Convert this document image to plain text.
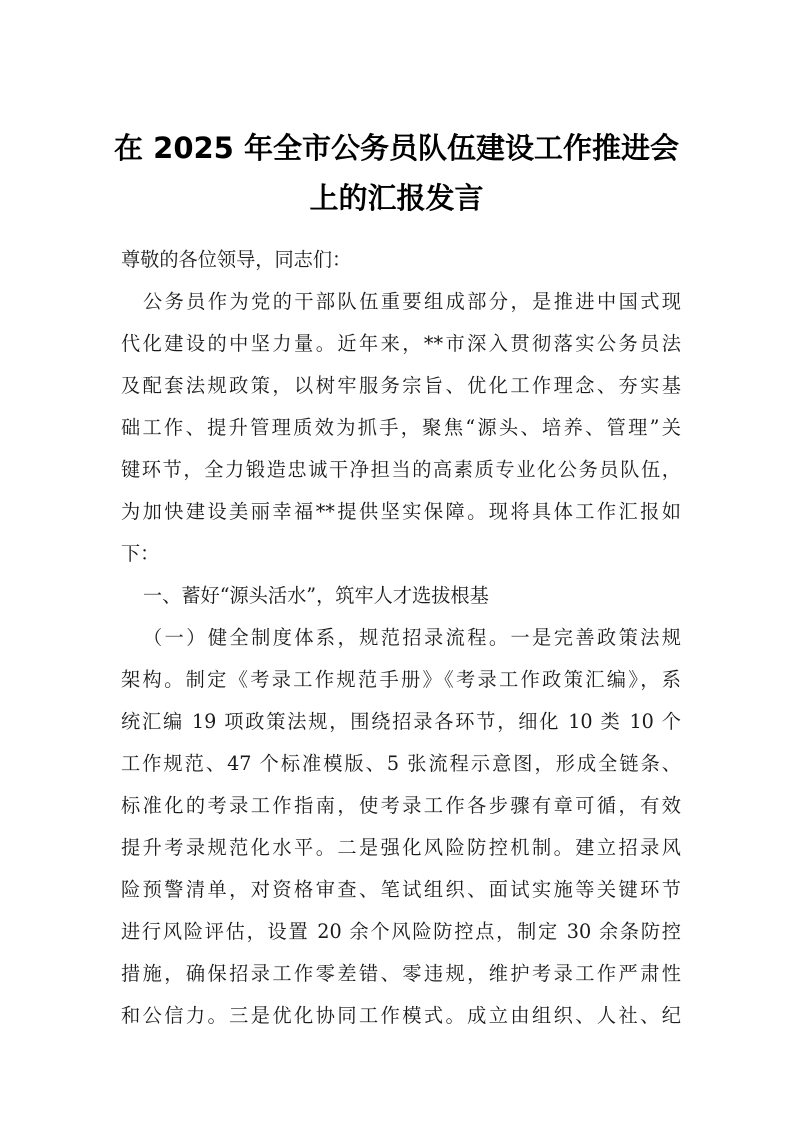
在 2025 年全市公务员队伍建设工作推进会
上的汇报发言
尊敬的各位领导，同志们：
公务员作为党的干部队伍重要组成部分，是推进中国式现
代化建设的中坚力量。近年来，**市深入贯彻落实公务员法
及配套法规政策，以树牢服务宗旨、优化工作理念、夯实基
础工作、提升管理质效为抓手，聚焦“源头、培养、管理”关
键环节，全力锻造忠诚干净担当的高素质专业化公务员队伍，
为加快建设美丽幸福**提供坚实保障。现将具体工作汇报如
下：
一、蓄好“源头活水”，筑牢人才选拔根基
（一）健全制度体系，规范招录流程。一是完善政策法规
架构。制定《考录工作规范手册》《考录工作政策汇编》，系
统汇编 19 项政策法规，围绕招录各环节，细化 10 类 10 个
工作规范、47 个标准模版、5 张流程示意图，形成全链条、
标准化的考录工作指南，使考录工作各步骤有章可循，有效
提升考录规范化水平。二是强化风险防控机制。建立招录风
险预警清单，对资格审查、笔试组织、面试实施等关键环节
进行风险评估，设置 20 余个风险防控点，制定 30 余条防控
措施，确保招录工作零差错、零违规，维护考录工作严肃性
和公信力。三是优化协同工作模式。成立由组织、人社、纪
